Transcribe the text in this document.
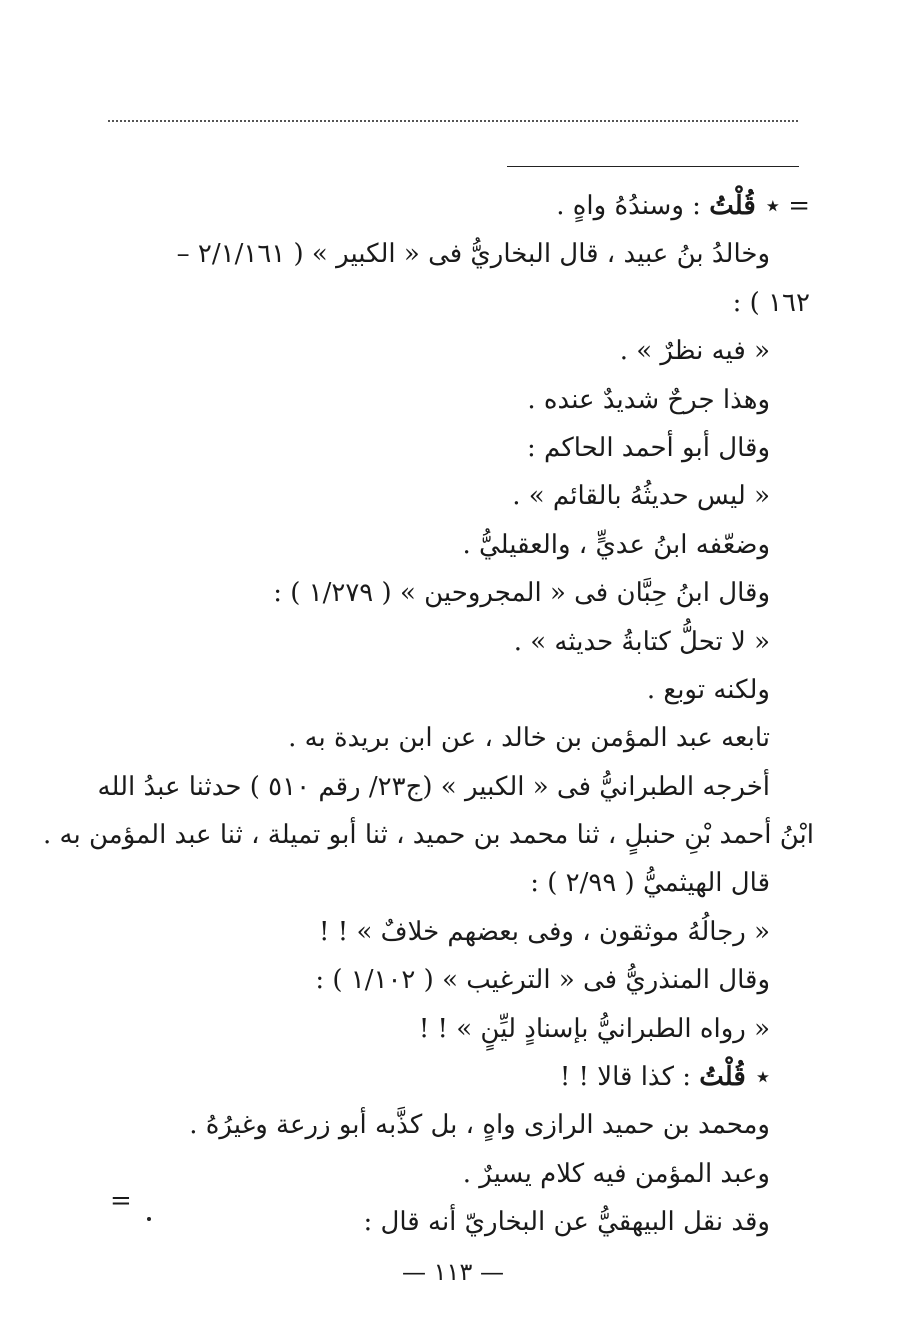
= ٭قُلْتُ : وسندُهُ واهٍ .
وخالدُ بنُ عبيد ، قال البخاريُّ فى « الكبير » ( ٢/١/١٦١ –
١٦٢ ) :
« فيه نظرٌ » .
وهذا جرحٌ شديدٌ عنده .
وقال أبو أحمد الحاكم :
« ليس حديثُهُ بالقائم » .
وضعّفه ابنُ عديٍّ ، والعقيليُّ .
وقال ابنُ حِبَّان فى « المجروحين » ( ١/٢٧٩ ) :
« لا تحلُّ كتابةُ حديثه » .
ولكنه توبع .
تابعه عبد المؤمن بن خالد ، عن ابن بريدة به .
أخرجه الطبرانيُّ فى « الكبير » (ج٢٣/ رقم ٥١٠ ) حدثنا عبدُ الله
ابْنُ أحمد بْنِ حنبلٍ ، ثنا محمد بن حميد ، ثنا أبو تميلة ، ثنا عبد المؤمن به .
قال الهيثميُّ ( ٢/٩٩ ) :
« رجالُهُ موثقون ، وفى بعضهم خلافٌ » ! !
وقال المنذريُّ فى « الترغيب » ( ١/١٠٢ ) :
« رواه الطبرانيُّ بإسنادٍ ليِّنٍ » ! !
٭قُلْتُ : كذا قالا ! !
ومحمد بن حميد الرازى واهٍ ، بل كذَّبه أبو زرعة وغيرُهُ .
وعبد المؤمن فيه كلام يسيرٌ .
وقد نقل البيهقيُّ عن البخاريّ أنه قال :
=
— ١١٣ —
